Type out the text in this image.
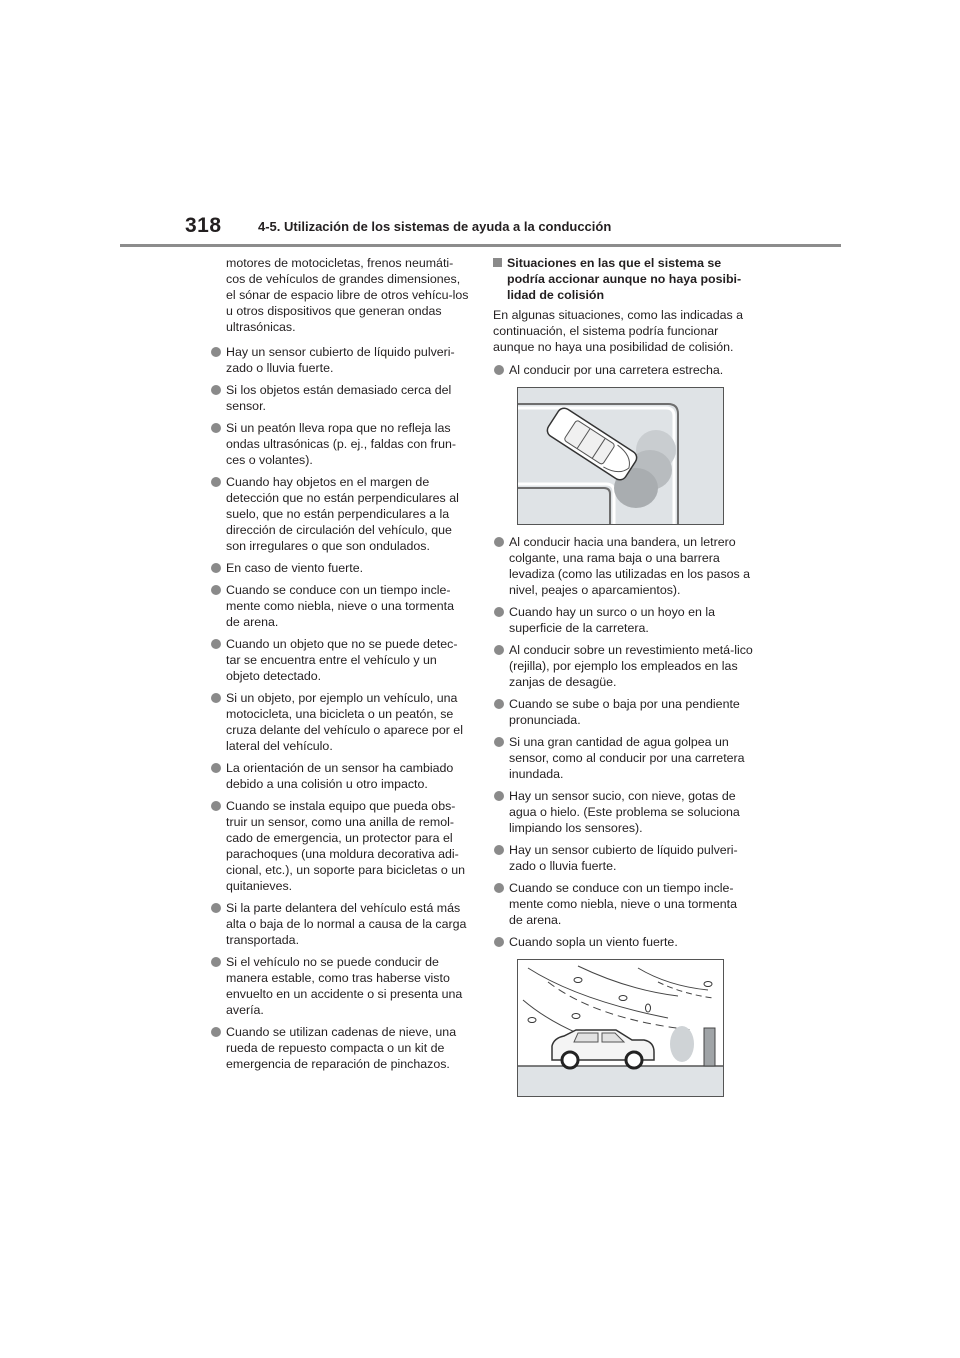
318	4-5. Utilización de los sistemas de ayuda a la conducción
motores de motocicletas, frenos neumáti-cos de vehículos de grandes dimensiones, el sónar de espacio libre de otros vehícu-los u otros dispositivos que generan ondas ultrasónicas.
Hay un sensor cubierto de líquido pulveri-zado o lluvia fuerte.
Si los objetos están demasiado cerca del sensor.
Si un peatón lleva ropa que no refleja las ondas ultrasónicas (p. ej., faldas con frun-ces o volantes).
Cuando hay objetos en el margen de detección que no están perpendiculares al suelo, que no están perpendiculares a la dirección de circulación del vehículo, que son irregulares o que son ondulados.
En caso de viento fuerte.
Cuando se conduce con un tiempo incle-mente como niebla, nieve o una tormenta de arena.
Cuando un objeto que no se puede detec-tar se encuentra entre el vehículo y un objeto detectado.
Si un objeto, por ejemplo un vehículo, una motocicleta, una bicicleta o un peatón, se cruza delante del vehículo o aparece por el lateral del vehículo.
La orientación de un sensor ha cambiado debido a una colisión u otro impacto.
Cuando se instala equipo que pueda obs-truir un sensor, como una anilla de remol-cado de emergencia, un protector para el parachoques (una moldura decorativa adi-cional, etc.), un soporte para bicicletas o un quitanieves.
Si la parte delantera del vehículo está más alta o baja de lo normal a causa de la carga transportada.
Si el vehículo no se puede conducir de manera estable, como tras haberse visto envuelto en un accidente o si presenta una avería.
Cuando se utilizan cadenas de nieve, una rueda de repuesto compacta o un kit de emergencia de reparación de pinchazos.
Situaciones en las que el sistema se podría accionar aunque no haya posibi-lidad de colisión
En algunas situaciones, como las indicadas a continuación, el sistema podría funcionar aunque no haya una posibilidad de colisión.
Al conducir por una carretera estrecha.
Al conducir hacia una bandera, un letrero colgante, una rama baja o una barrera levadiza (como las utilizadas en los pasos a nivel, peajes o aparcamientos).
Cuando hay un surco o un hoyo en la superficie de la carretera.
Al conducir sobre un revestimiento metá-lico (rejilla), por ejemplo los empleados en las zanjas de desagüe.
Cuando se sube o baja por una pendiente pronunciada.
Si una gran cantidad de agua golpea un sensor, como al conducir por una carretera inundada.
Hay un sensor sucio, con nieve, gotas de agua o hielo. (Este problema se soluciona limpiando los sensores).
Hay un sensor cubierto de líquido pulveri-zado o lluvia fuerte.
Cuando se conduce con un tiempo incle-mente como niebla, nieve o una tormenta de arena.
Cuando sopla un viento fuerte.
